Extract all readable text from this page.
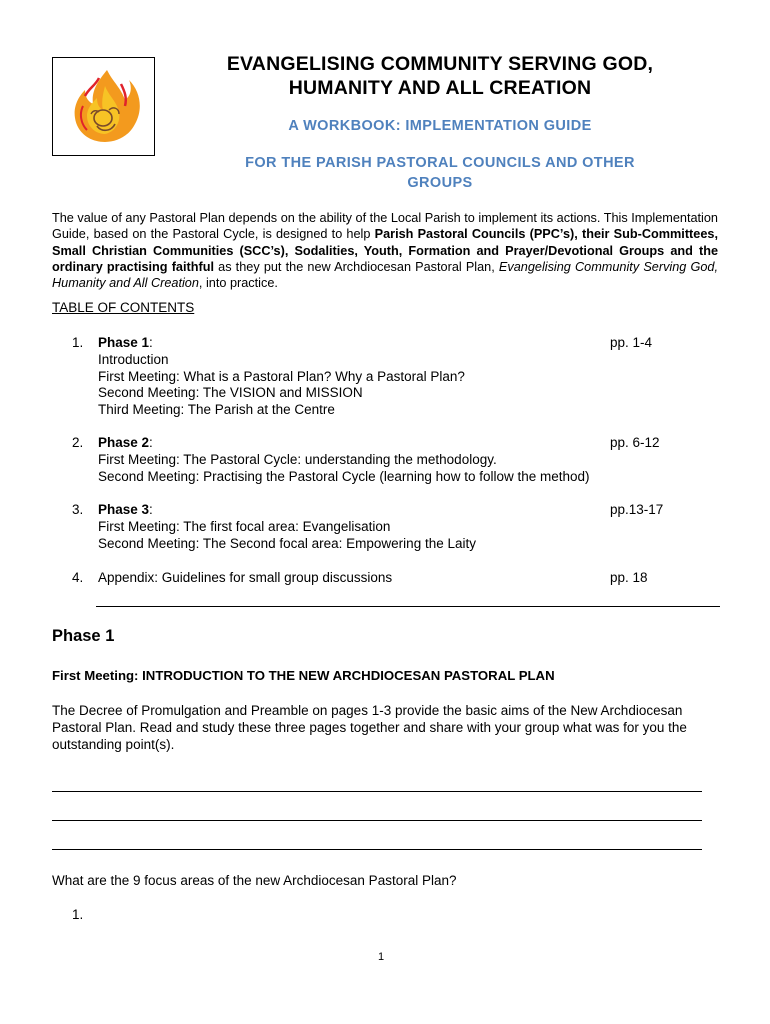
EVANGELISING COMMUNITY SERVING GOD,
HUMANITY AND ALL CREATION

A WORKBOOK: IMPLEMENTATION GUIDE

FOR THE PARISH PASTORAL COUNCILS AND OTHER
GROUPS

The value of any Pastoral Plan depends on the ability of the Local Parish to implement its actions. This Implementation Guide, based on the Pastoral Cycle, is designed to help Parish Pastoral Councils (PPC’s), their Sub-Committees, Small Christian Communities (SCC’s), Sodalities, Youth, Formation and Prayer/Devotional Groups and the ordinary practising faithful as they put the new Archdiocesan Pastoral Plan, Evangelising Community Serving God, Humanity and All Creation, into practice.

TABLE OF CONTENTS
1. Phase 1:
Introduction
First Meeting: What is a Pastoral Plan? Why a Pastoral Plan?
Second Meeting: The VISION and MISSION
Third Meeting: The Parish at the Centre
pp. 1-4
2. Phase 2:
First Meeting: The Pastoral Cycle: understanding the methodology.
Second Meeting: Practising the Pastoral Cycle (learning how to follow the method)
pp. 6-12
3. Phase 3:
First Meeting: The first focal area: Evangelisation
Second Meeting: The Second focal area: Empowering the Laity
pp.13-17
4. Appendix: Guidelines for small group discussions	pp. 18
Phase 1

First Meeting: INTRODUCTION TO THE NEW ARCHDIOCESAN PASTORAL PLAN

The Decree of Promulgation and Preamble on pages 1-3 provide the basic aims of the New Archdiocesan Pastoral Plan. Read and study these three pages together and share with your group what was for you the outstanding point(s).

What are the 9 focus areas of the new Archdiocesan Pastoral Plan?

1.
1
